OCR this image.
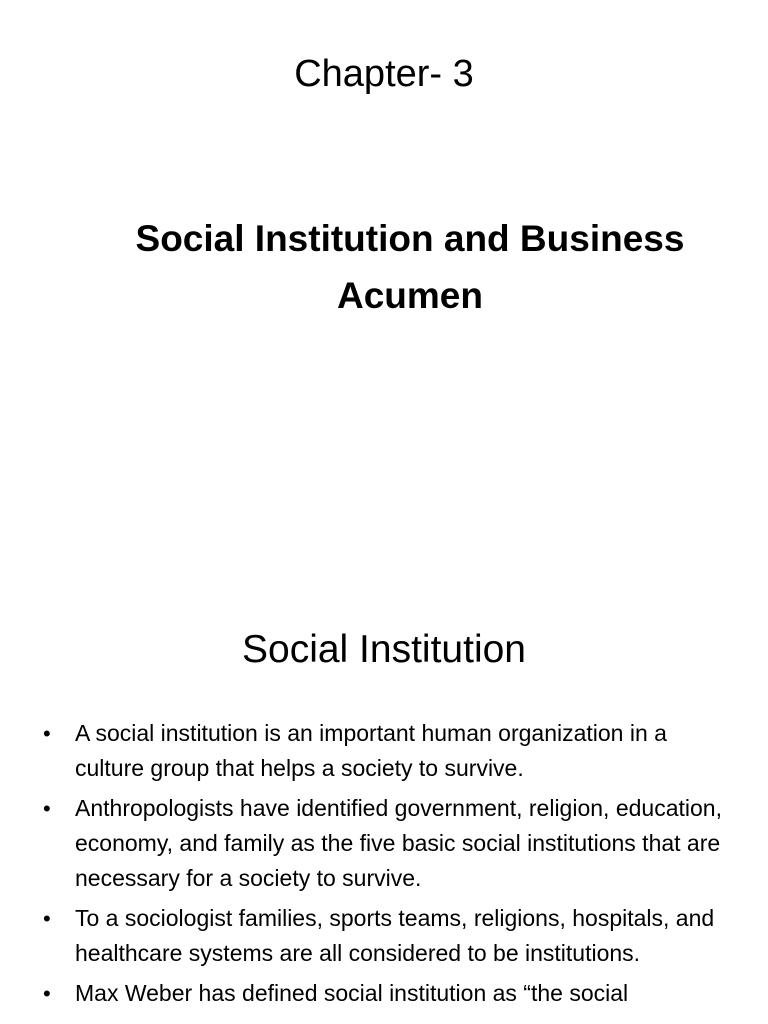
Chapter- 3
Social Institution and Business Acumen
Social Institution
• A social institution is an important human organization in a culture group that helps a society to survive.
• Anthropologists have identified government, religion, education, economy, and family as the five basic social institutions that are necessary for a society to survive.
• To a sociologist families, sports teams, religions, hospitals, and healthcare systems are all considered to be institutions.
• Max Weber has defined social institution as “the social
